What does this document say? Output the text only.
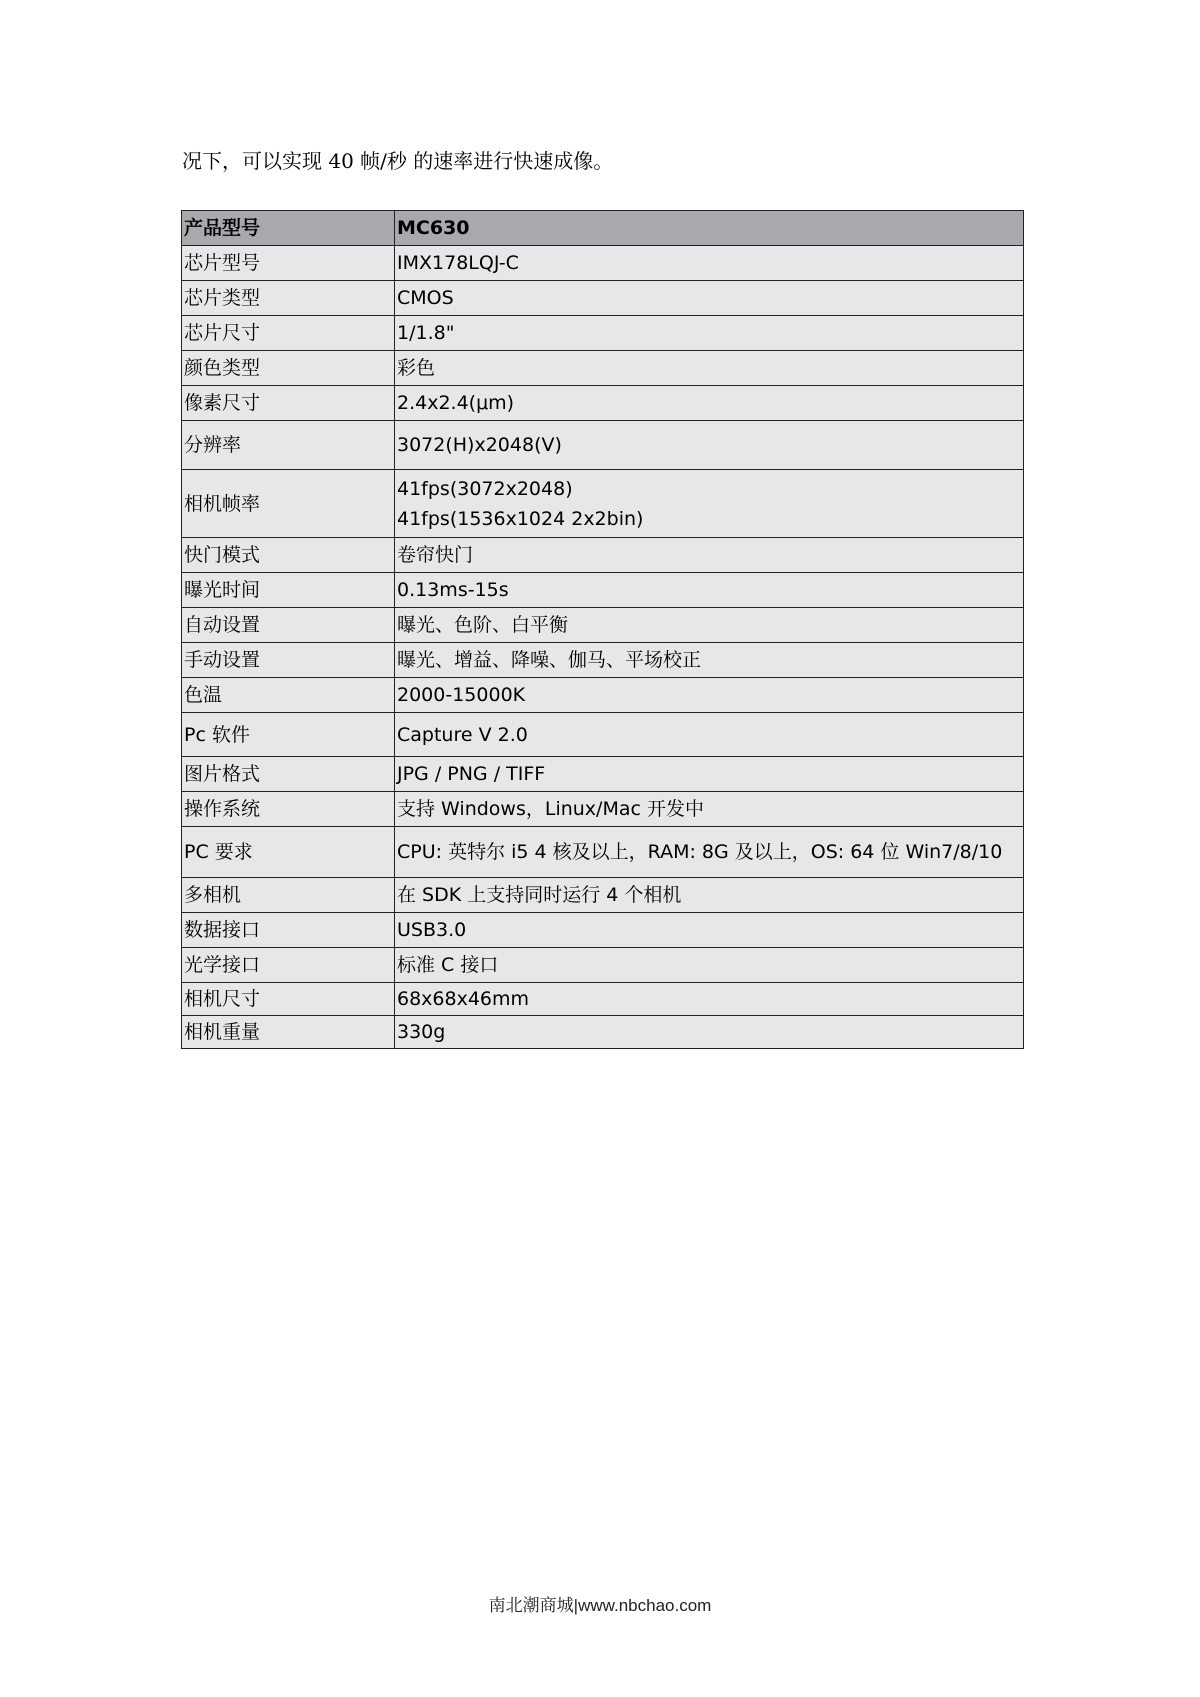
况下，可以实现 40 帧/秒 的速率进行快速成像。
产品型号	MC630
芯片型号	IMX178LQJ-C

芯片类型	CMOS

芯片尺寸	1/1.8"

颜色类型	彩色

像素尺寸	2.4x2.4(μm)

分辨率	3072(H)x2048(V)

相机帧率	41fps(3072x2048)
41fps(1536x1024 2x2bin)

快门模式	卷帘快门

曝光时间	0.13ms-15s

自动设置	曝光、色阶、白平衡

手动设置	曝光、增益、降噪、伽马、平场校正

色温	2000-15000K

Pc 软件	Capture V 2.0

图片格式	JPG / PNG / TIFF

操作系统	支持 Windows，Linux/Mac 开发中

PC 要求	CPU: 英特尔 i5 4 核及以上，RAM: 8G 及以上，OS: 64 位 Win7/8/10

多相机	在 SDK 上支持同时运行 4 个相机

数据接口	USB3.0

光学接口	标准 C 接口

相机尺寸	68x68x46mm

相机重量	330g
南北潮商城|www.nbchao.com
